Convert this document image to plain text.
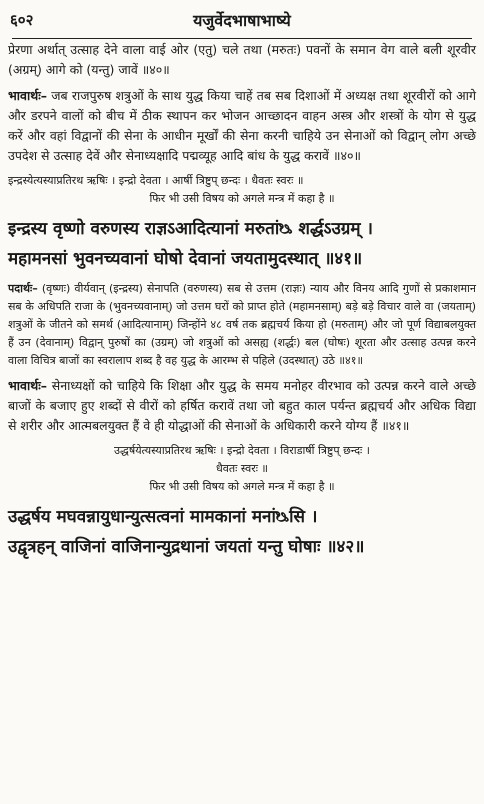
६०२	यजुर्वेदभाषाभाष्ये

प्रेरणा अर्थात् उत्साह देने वाला वाई ओर (एतु) चले तथा (मरुतः) पवनों के समान वेग वाले बली शूरवीर (अग्रम्) आगे को (यन्तु) जावें ॥४०॥

भावार्थः– जब राजपुरुष शत्रुओं के साथ युद्ध किया चाहें तब सब दिशाओं में अध्यक्ष तथा शूरवीरों को आगे और डरपने वालों को बीच में ठीक स्थापन कर भोजन आच्छादन वाहन अस्त्र और शस्त्रों के योग से युद्ध करें और वहां विद्वानों की सेना के आधीन मूर्खों की सेना करनी चाहिये उन सेनाओं को विद्वान् लोग अच्छे उपदेश से उत्साह देवें और सेनाध्यक्षादि पद्मव्यूह आदि बांध के युद्ध करावें ॥४०॥

इन्द्रस्येत्यस्याप्रतिरथ ऋषिः । इन्द्रो देवता । आर्षी त्रिष्टुप् छन्दः । धैवतः स्वरः ॥

फिर भी उसी विषय को अगले मन्त्र में कहा है ॥

इन्द्रस्य वृष्णो वरुणस्य राज्ञऽआदित्यानां मरुतांᳬ शर्द्धऽउग्रम् ।

महामनसां भुवनच्यवानां घोषो देवानां जयतामुदस्थात् ॥४१॥

पदार्थः– (वृष्णः) वीर्यवान् (इन्द्रस्य) सेनापति (वरुणस्य) सब से उत्तम (राज्ञः) न्याय और विनय आदि गुणों से प्रकाशमान सब के अधिपति राजा के (भुवनच्यवानाम्) जो उत्तम घरों को प्राप्त होते (महामनसाम्) बड़े बड़े विचार वाले वा (जयताम्) शत्रुओं के जीतने को समर्थ (आदित्यानाम्) जिन्होंने ४८ वर्ष तक ब्रह्मचर्य किया हो (मरुताम्) और जो पूर्ण विद्याबलयुक्त हैं उन (देवानाम्) विद्वान् पुरुषों का (उग्रम्) जो शत्रुओं को असह्य (शर्द्धः) बल (घोषः) शूरता और उत्साह उत्पन्न करने वाला विचित्र बाजों का स्वरालाप शब्द है वह युद्ध के आरम्भ से पहिले (उदस्थात्) उठे ॥४१॥

भावार्थः– सेनाध्यक्षों को चाहिये कि शिक्षा और युद्ध के समय मनोहर वीरभाव को उत्पन्न करने वाले अच्छे बाजों के बजाए हुए शब्दों से वीरों को हर्षित करावें तथा जो बहुत काल पर्यन्त ब्रह्मचर्य और अधिक विद्या से शरीर और आत्मबलयुक्त हैं वे ही योद्धाओं की सेनाओं के अधिकारी करने योग्य हैं ॥४१॥

उद्धर्षयेत्यस्याप्रतिरथ ऋषिः । इन्द्रो देवता । विराडार्षी त्रिष्टुप् छन्दः ।

धैवतः स्वरः ॥

फिर भी उसी विषय को अगले मन्त्र में कहा है ॥

उद्धर्षय मघवन्नायुधान्युत्सत्वनां मामकानां मनांᳬसि ।

उद्वृत्रहन् वाजिनां वाजिनान्युद्रथानां जयतां यन्तु घोषाः ॥४२॥
